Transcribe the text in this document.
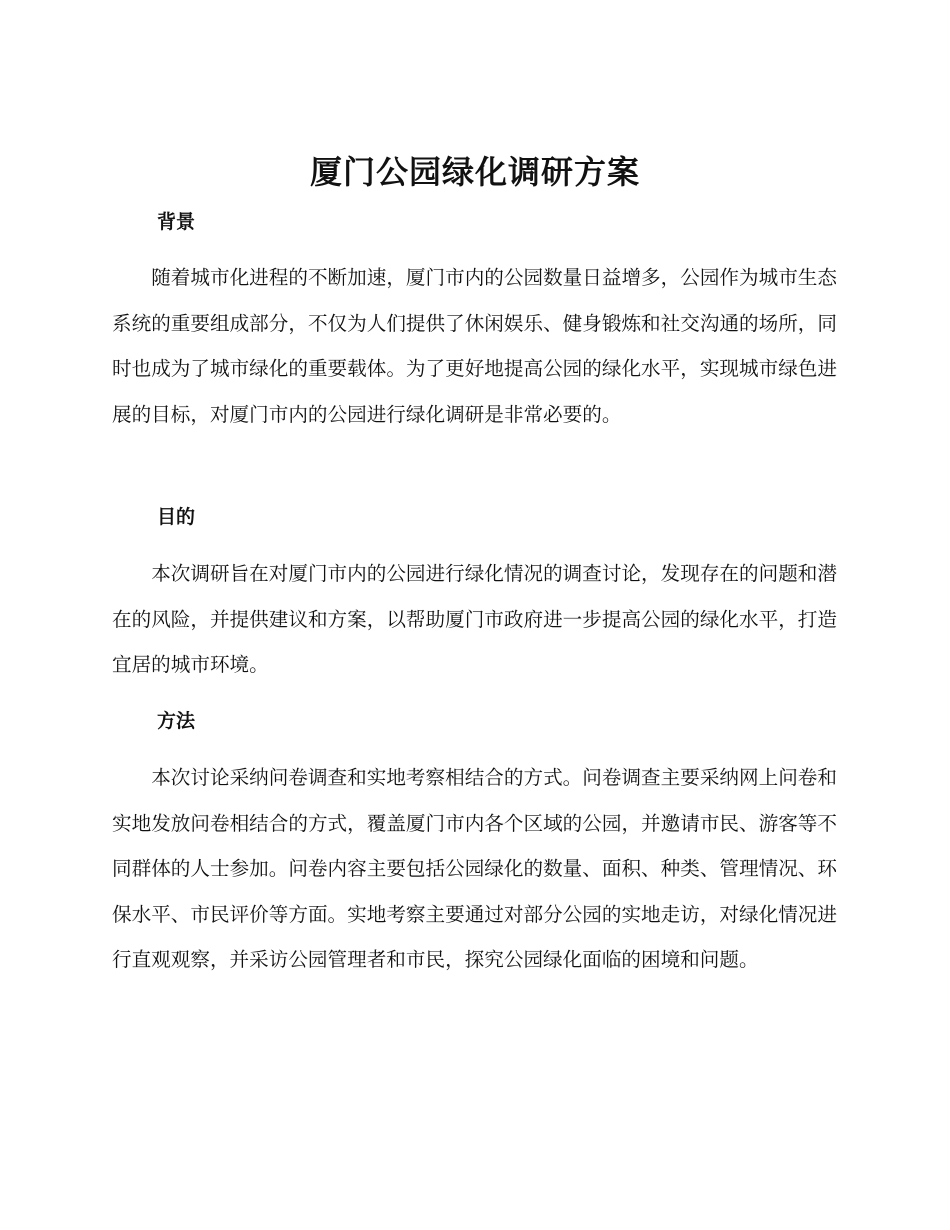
厦门公园绿化调研方案
背景

随着城市化进程的不断加速，厦门市内的公园数量日益增多，公园作为城市生态系统的重要组成部分，不仅为人们提供了休闲娱乐、健身锻炼和社交沟通的场所，同时也成为了城市绿化的重要载体。为了更好地提高公园的绿化水平，实现城市绿色进展的目标，对厦门市内的公园进行绿化调研是非常必要的。

目的

本次调研旨在对厦门市内的公园进行绿化情况的调查讨论，发现存在的问题和潜在的风险，并提供建议和方案，以帮助厦门市政府进一步提高公园的绿化水平，打造宜居的城市环境。

方法

本次讨论采纳问卷调查和实地考察相结合的方式。问卷调查主要采纳网上问卷和实地发放问卷相结合的方式，覆盖厦门市内各个区域的公园，并邀请市民、游客等不同群体的人士参加。问卷内容主要包括公园绿化的数量、面积、种类、管理情况、环保水平、市民评价等方面。实地考察主要通过对部分公园的实地走访，对绿化情况进行直观观察，并采访公园管理者和市民，探究公园绿化面临的困境和问题。
